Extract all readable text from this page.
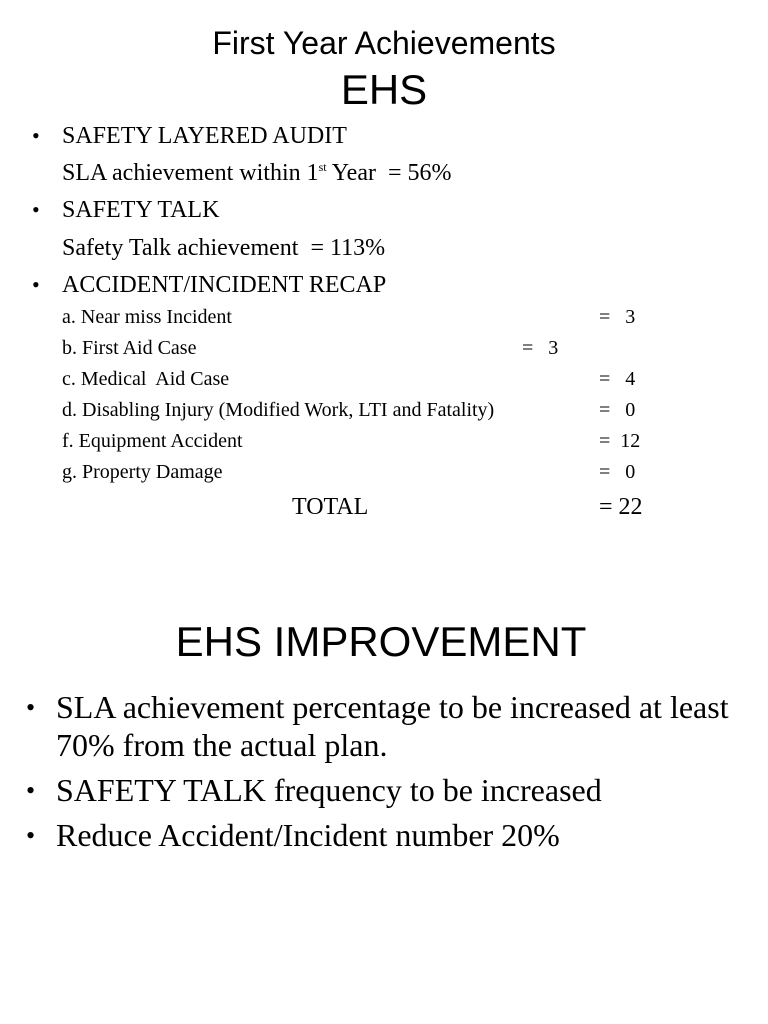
First Year Achievements
EHS
• SAFETY LAYERED AUDIT
SLA achievement within 1st Year  = 56%
• SAFETY TALK
Safety Talk achievement  = 113%
• ACCIDENT/INCIDENT RECAP
a. Near miss Incident	=   3
b. First Aid Case	=   3
c. Medical  Aid Case	=   4
d. Disabling Injury (Modified Work, LTI and Fatality)	=   0
f. Equipment Accident	=  12
g. Property Damage	=   0
TOTAL	= 22
EHS IMPROVEMENT
• SLA achievement percentage to be increased at least 70% from the actual plan.
• SAFETY TALK frequency to be increased
• Reduce Accident/Incident number 20%
